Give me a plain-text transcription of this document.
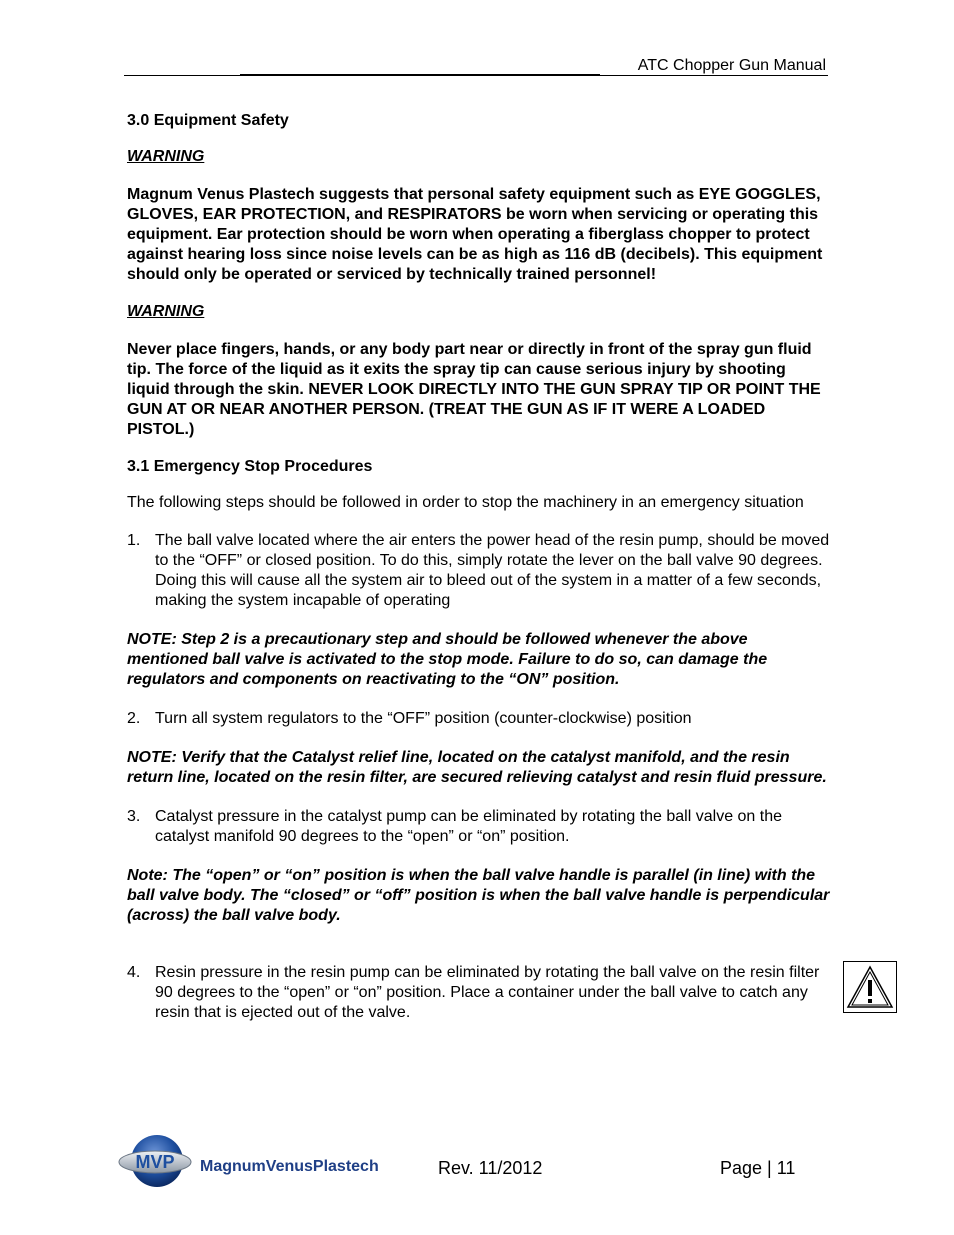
ATC Chopper Gun Manual

3.0 Equipment Safety

WARNING

Magnum Venus Plastech suggests that personal safety equipment such as EYE GOGGLES, GLOVES, EAR PROTECTION, and RESPIRATORS be worn when servicing or operating this equipment. Ear protection should be worn when operating a fiberglass chopper to protect against hearing loss since noise levels can be as high as 116 dB (decibels). This equipment should only be operated or serviced by technically trained personnel!

WARNING

Never place fingers, hands, or any body part near or directly in front of the spray gun fluid tip. The force of the liquid as it exits the spray tip can cause serious injury by shooting liquid through the skin. NEVER LOOK DIRECTLY INTO THE GUN SPRAY TIP OR POINT THE GUN AT OR NEAR ANOTHER PERSON. (TREAT THE GUN AS IF IT WERE A LOADED PISTOL.)

3.1 Emergency Stop Procedures

The following steps should be followed in order to stop the machinery in an emergency situation

1. The ball valve located where the air enters the power head of the resin pump, should be moved to the “OFF” or closed position. To do this, simply rotate the lever on the ball valve 90 degrees. Doing this will cause all the system air to bleed out of the system in a matter of a few seconds, making the system incapable of operating

NOTE: Step 2 is a precautionary step and should be followed whenever the above mentioned ball valve is activated to the stop mode. Failure to do so, can damage the regulators and components on reactivating to the “ON” position.

2. Turn all system regulators to the “OFF” position (counter-clockwise) position

NOTE: Verify that the Catalyst relief line, located on the catalyst manifold, and the resin return line, located on the resin filter, are secured relieving catalyst and resin fluid pressure.

3. Catalyst pressure in the catalyst pump can be eliminated by rotating the ball valve on the catalyst manifold 90 degrees to the “open” or “on” position.

Note: The “open” or “on” position is when the ball valve handle is parallel (in line) with the ball valve body. The “closed” or “off” position is when the ball valve handle is perpendicular (across) the ball valve body.

4. Resin pressure in the resin pump can be eliminated by rotating the ball valve on the resin filter 90 degrees to the “open” or “on” position. Place a container under the ball valve to catch any resin that is ejected out of the valve.
MVP MagnumVenusPlastech	Rev. 11/2012	Page | 11
